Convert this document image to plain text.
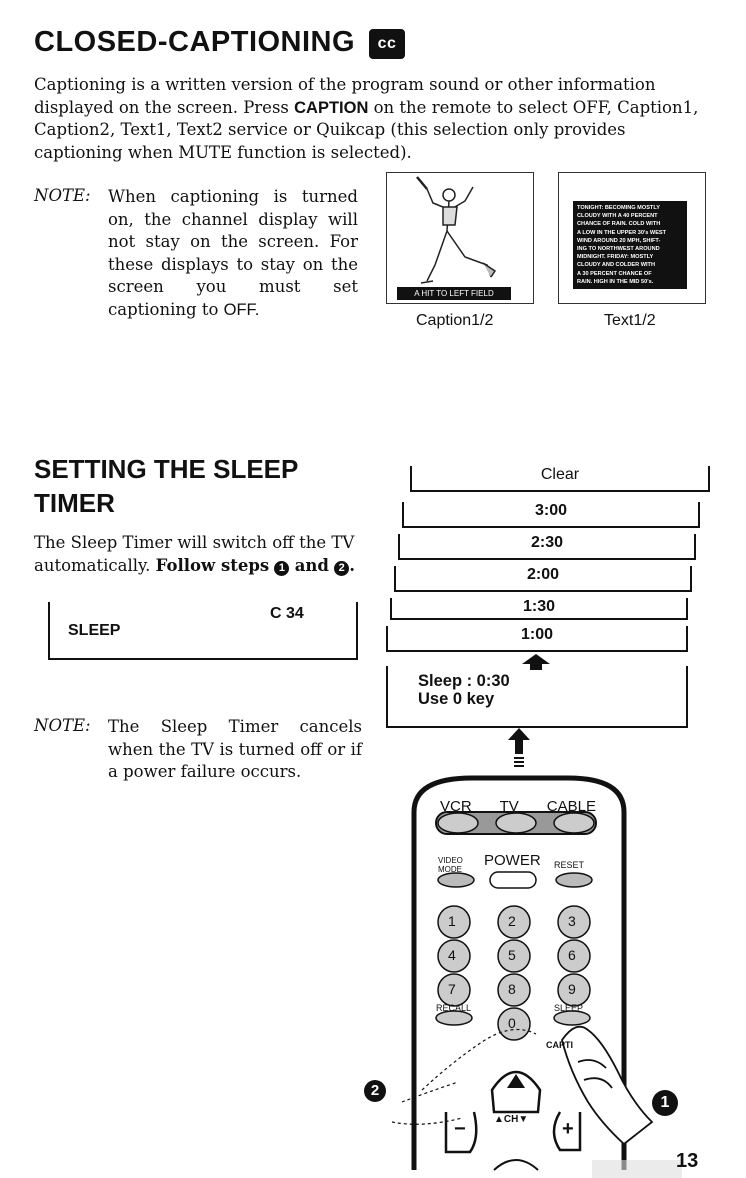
CLOSED-CAPTIONING cc
Captioning is a written version of the program sound or other information displayed on the screen. Press CAPTION on the remote to select OFF, Caption1, Caption2, Text1, Text2 service or Quikcap (this selection only provides captioning when MUTE function is selected).
NOTE: When captioning is turned on, the channel display will not stay on the screen. For these displays to stay on the screen you must set captioning to OFF.
A HIT TO LEFT FIELD
Caption1/2
TONIGHT: BECOMING MOSTLY
CLOUDY WITH A 40 PERCENT
CHANCE OF RAIN. COLD WITH
A LOW IN THE UPPER 30's WEST
WIND AROUND 20 MPH, SHIFT-
ING TO NORTHWEST AROUND
MIDNIGHT. FRIDAY: MOSTLY
CLOUDY AND COLDER WITH
A 30 PERCENT CHANCE OF
RAIN. HIGH IN THE MID 50's.
Text1/2
SETTING THE SLEEP
TIMER
The Sleep Timer will switch off the TV automatically. Follow steps 1 and 2 .
SLEEP
C 34
NOTE: The Sleep Timer cancels when the TV is turned off or if a power failure occurs.
Clear
3:00
2:30
2:00
1:30
1:00
Sleep : 0:30
Use 0 key
VCR TV CABLE
VIDEO
MODE
POWER RESET
1	2	3
4	5	6
7	8	9
RECALL
0
SLEEP
CAPTI
▲CH▼
−	+
2
1
13
